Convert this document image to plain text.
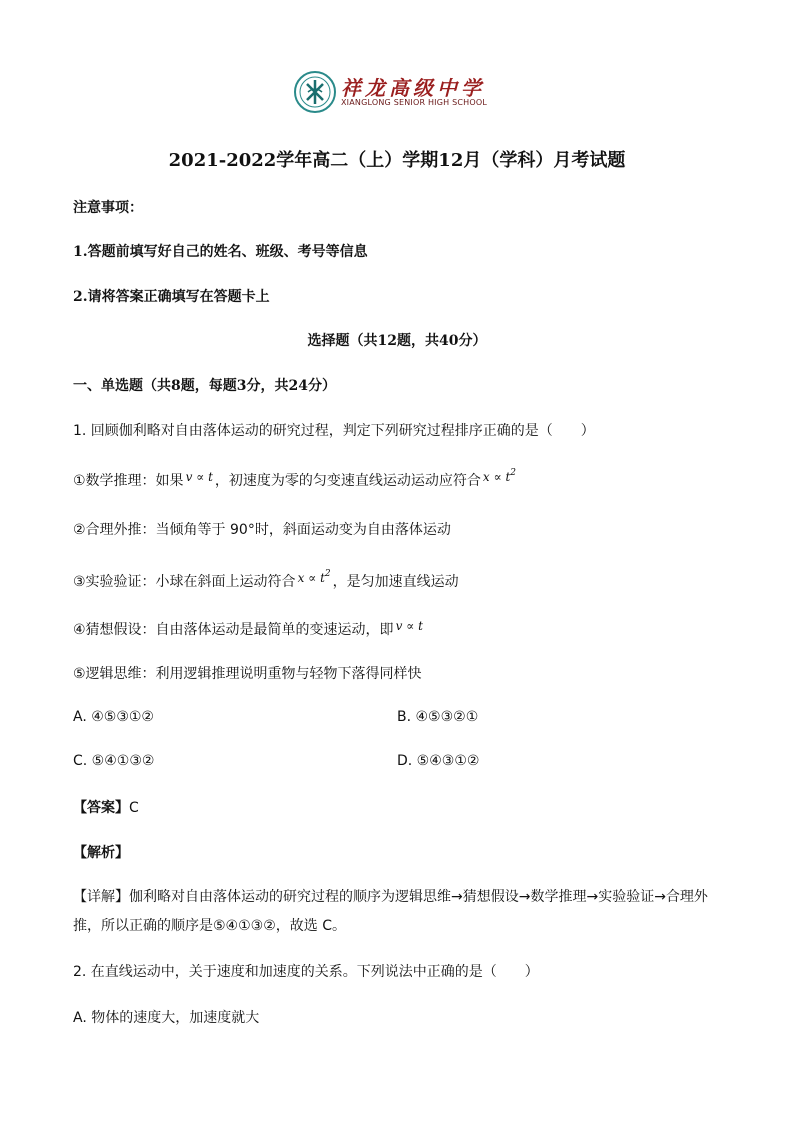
祥龙高级中学
XIANGLONG SENIOR HIGH SCHOOL
2021-2022学年高二（上）学期12月（学科）月考试题
注意事项：
1.答题前填写好自己的姓名、班级、考号等信息
2.请将答案正确填写在答题卡上
选择题（共12题，共40分）
一、单选题（共8题，每题3分，共24分）
1. 回顾伽利略对自由落体运动的研究过程，判定下列研究过程排序正确的是（　　）
①数学推理：如果 v ∝ t ，初速度为零的匀变速直线运动运动应符合 $x \propto t^2$
②合理外推：当倾角等于 90°时，斜面运动变为自由落体运动
③实验验证：小球在斜面上运动符合 $x \propto t^2$ ，是匀加速直线运动
④猜想假设：自由落体运动是最简单的变速运动，即 v ∝ t
⑤逻辑思维：利用逻辑推理说明重物与轻物下落得同样快
A. ④⑤③①②	B. ④⑤③②①
C. ⑤④①③②	D. ⑤④③①②
【答案】C
【解析】
【详解】伽利略对自由落体运动的研究过程的顺序为逻辑思维→猜想假设→数学推理→实验验证→合理外
推，所以正确的顺序是⑤④①③②，故选 C。
2. 在直线运动中，关于速度和加速度的关系。下列说法中正确的是（　　）
A. 物体的速度大，加速度就大
